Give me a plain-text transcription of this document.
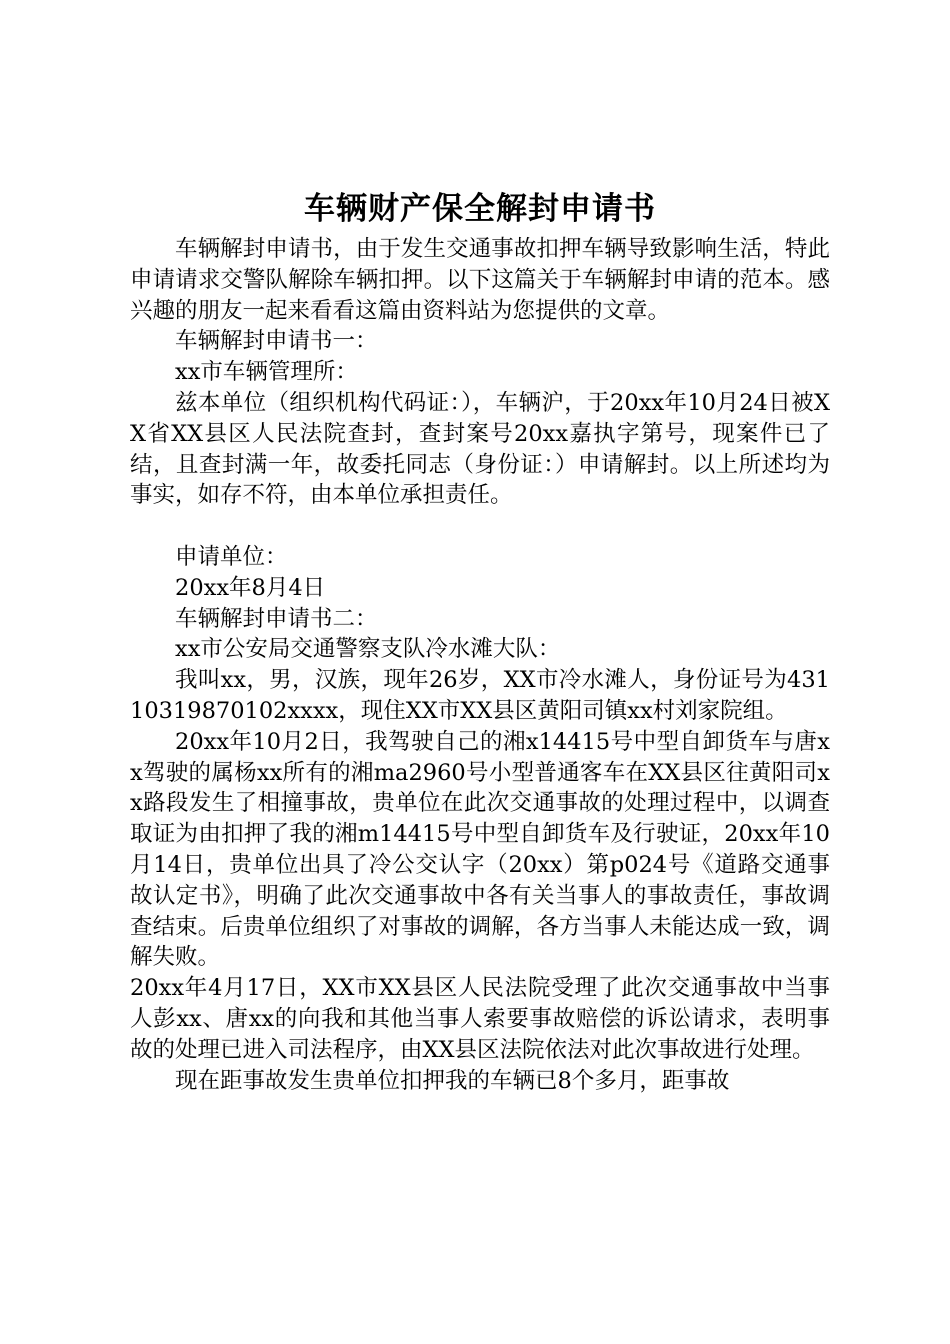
车辆财产保全解封申请书

车辆解封申请书，由于发生交通事故扣押车辆导致影响生活，特此申请请求交警队解除车辆扣押。以下这篇关于车辆解封申请的范本。感兴趣的朋友一起来看看这篇由资料站为您提供的文章。

车辆解封申请书一：

xx市车辆管理所：

兹本单位（组织机构代码证：），车辆沪，于20xx年10月24日被XX省XX县区人民法院查封，查封案号20xx嘉执字第号，现案件已了结，且查封满一年，故委托同志（身份证：）申请解封。以上所述均为事实，如存不符，由本单位承担责任。

申请单位：

20xx年8月4日

车辆解封申请书二：

xx市公安局交通警察支队冷水滩大队：

我叫xx，男，汉族，现年26岁，XX市冷水滩人，身份证号为43110319870102xxxx，现住XX市XX县区黄阳司镇xx村刘家院组。

20xx年10月2日，我驾驶自己的湘x14415号中型自卸货车与唐xx驾驶的属杨xx所有的湘ma2960号小型普通客车在XX县区往黄阳司xx路段发生了相撞事故，贵单位在此次交通事故的处理过程中，以调查取证为由扣押了我的湘m14415号中型自卸货车及行驶证，20xx年10月14日，贵单位出具了冷公交认字（20xx）第p024号《道路交通事故认定书》，明确了此次交通事故中各有关当事人的事故责任，事故调查结束。后贵单位组织了对事故的调解，各方当事人未能达成一致，调解失败。

20xx年4月17日，XX市XX县区人民法院受理了此次交通事故中当事人彭xx、唐xx的向我和其他当事人索要事故赔偿的诉讼请求，表明事故的处理已进入司法程序，由XX县区法院依法对此次事故进行处理。

现在距事故发生贵单位扣押我的车辆已8个多月，距事故
